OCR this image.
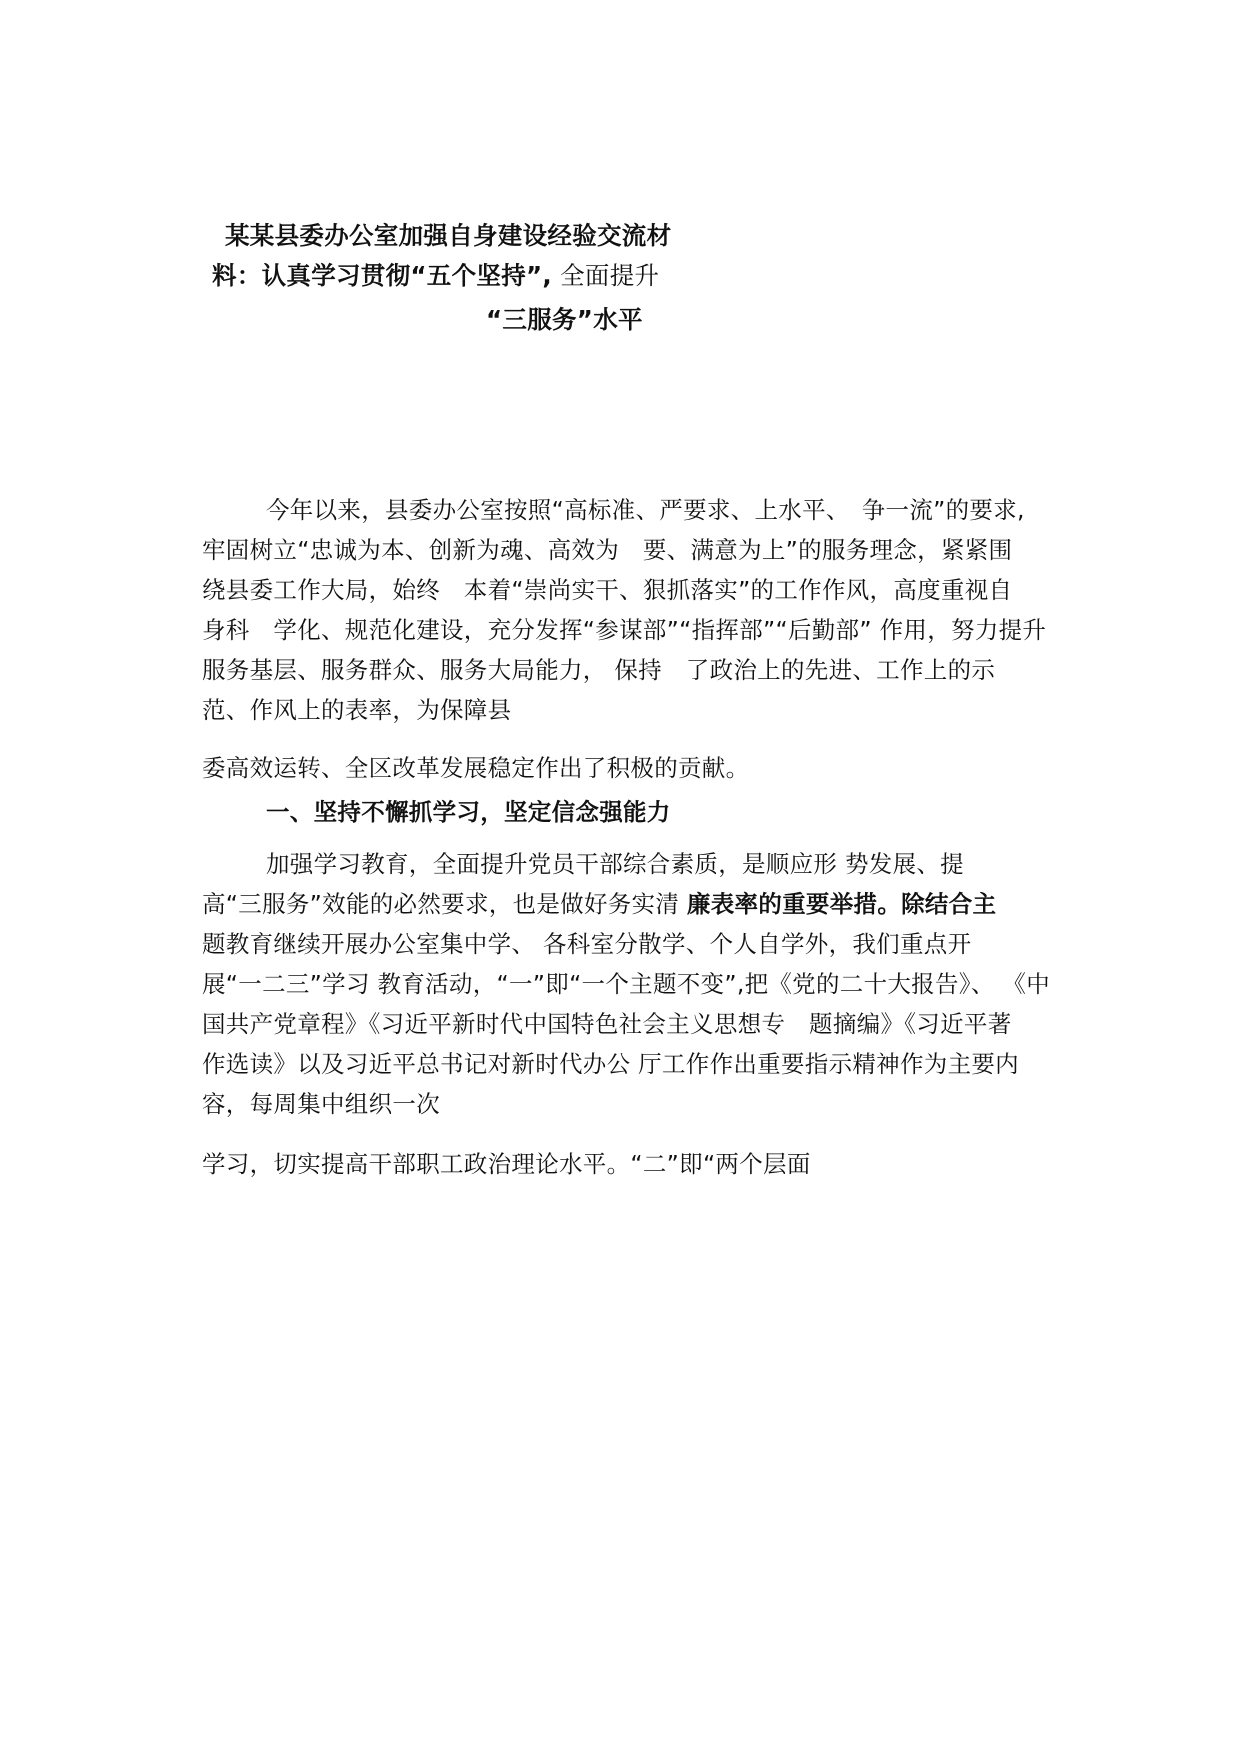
某某县委办公室加强自身建设经验交流材
料：认真学习贯彻“五个坚持”, 全面提升
“三服务”水平
今年以来，县委办公室按照“高标准、严要求、上水平、　争一流”的要求,
牢固树立“忠诚为本、创新为魂、高效为　要、满意为上”的服务理念，紧紧围
绕县委工作大局，始终　本着“崇尚实干、狠抓落实”的工作作风，高度重视自
身科　学化、规范化建设，充分发挥“参谋部”“指挥部”“后勤部” 作用，努力提升
服务基层、服务群众、服务大局能力， 保持　了政治上的先进、工作上的示
范、作风上的表率，为保障县
委高效运转、全区改革发展稳定作出了积极的贡献。
一、坚持不懈抓学习，坚定信念强能力
加强学习教育，全面提升党员干部综合素质，是顺应形 势发展、提
高“三服务”效能的必然要求，也是做好务实清 廉表率的重要举措。除结合主
题教育继续开展办公室集中学、 各科室分散学、个人自学外，我们重点开
展“一二三”学习 教育活动，“一”即“一个主题不变”,把《党的二十大报告》、 《中
国共产党章程》《习近平新时代中国特色社会主义思想专　题摘编》《习近平著
作选读》以及习近平总书记对新时代办公 厅工作作出重要指示精神作为主要内
容，每周集中组织一次
学习，切实提高干部职工政治理论水平。“二”即“两个层面
